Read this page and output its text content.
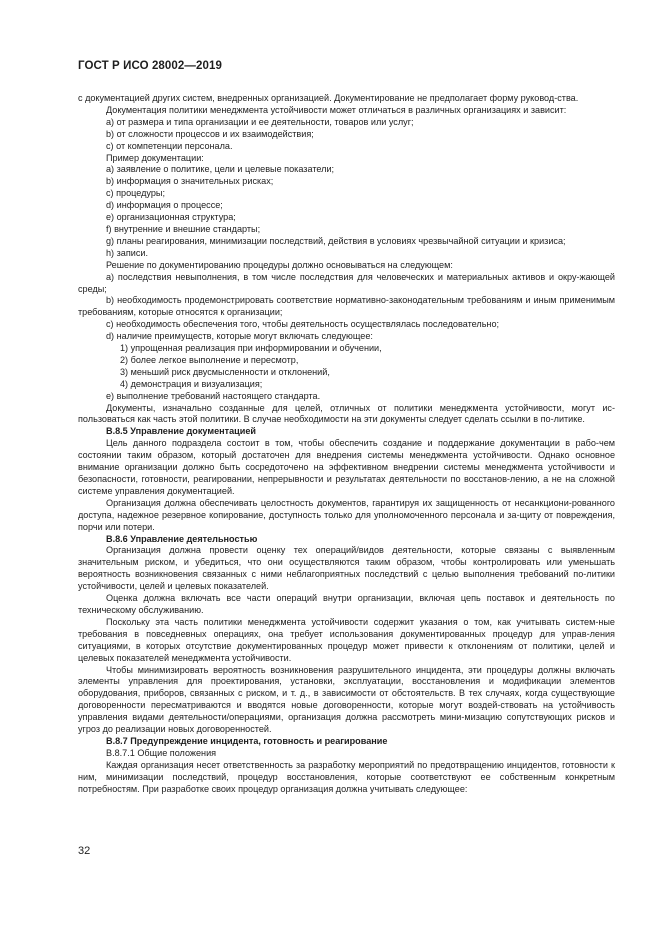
ГОСТ Р ИСО 28002—2019

с документацией других систем, внедренных организацией. Документирование не предполагает форму руковод-ства.

Документация политики менеджмента устойчивости может отличаться в различных организациях и зависит:

a) от размера и типа организации и ее деятельности, товаров или услуг;

b) от сложности процессов и их взаимодействия;

c) от компетенции персонала.

Пример документации:

a) заявление о политике, цели и целевые показатели;

b) информация о значительных рисках;

c) процедуры;

d) информация о процессе;

e) организационная структура;

f) внутренние и внешние стандарты;

g) планы реагирования, минимизации последствий, действия в условиях чрезвычайной ситуации и кризиса;

h) записи.

Решение по документированию процедуры должно основываться на следующем:

a) последствия невыполнения, в том числе последствия для человеческих и материальных активов и окру-жающей среды;

b) необходимость продемонстрировать соответствие нормативно-законодательным требованиям и иным применимым требованиям, которые относятся к организации;

c) необходимость обеспечения того, чтобы деятельность осуществлялась последовательно;

d) наличие преимуществ, которые могут включать следующее:

1) упрощенная реализация при информировании и обучении,

2) более легкое выполнение и пересмотр,

3) меньший риск двусмысленности и отклонений,

4) демонстрация и визуализация;

e) выполнение требований настоящего стандарта.

Документы, изначально созданные для целей, отличных от политики менеджмента устойчивости, могут ис-пользоваться как часть этой политики. В случае необходимости на эти документы следует сделать ссылки в по-литике.

B.8.5 Управление документацией

Цель данного подраздела состоит в том, чтобы обеспечить создание и поддержание документации в рабо-чем состоянии таким образом, который достаточен для внедрения системы менеджмента устойчивости. Однако основное внимание организации должно быть сосредоточено на эффективном внедрении системы менеджмента устойчивости и безопасности, готовности, реагировании, непрерывности и результатах деятельности по восстанов-лению, а не на сложной системе управления документацией.

Организация должна обеспечивать целостность документов, гарантируя их защищенность от несанкциони-рованного доступа, надежное резервное копирование, доступность только для уполномоченного персонала и за-щиту от повреждения, порчи или потери.

B.8.6 Управление деятельностью

Организация должна провести оценку тех операций/видов деятельности, которые связаны с выявленным значительным риском, и убедиться, что они осуществляются таким образом, чтобы контролировать или уменьшать вероятность возникновения связанных с ними неблагоприятных последствий с целью выполнения требований по-литики устойчивости, целей и целевых показателей.

Оценка должна включать все части операций внутри организации, включая цепь поставок и деятельность по техническому обслуживанию.

Поскольку эта часть политики менеджмента устойчивости содержит указания о том, как учитывать систем-ные требования в повседневных операциях, она требует использования документированных процедур для управ-ления ситуациями, в которых отсутствие документированных процедур может привести к отклонениям от политики, целей и целевых показателей менеджмента устойчивости.

Чтобы минимизировать вероятность возникновения разрушительного инцидента, эти процедуры должны включать элементы управления для проектирования, установки, эксплуатации, восстановления и модификации элементов оборудования, приборов, связанных с риском, и т. д., в зависимости от обстоятельств. В тех случаях, когда существующие договоренности пересматриваются и вводятся новые договоренности, которые могут воздей-ствовать на устойчивость управления видами деятельности/операциями, организация должна рассмотреть мини-мизацию сопутствующих рисков и угроз до реализации новых договоренностей.

B.8.7 Предупреждение инцидента, готовность и реагирование

B.8.7.1 Общие положения

Каждая организация несет ответственность за разработку мероприятий по предотвращению инцидентов, готовности к ним, минимизации последствий, процедур восстановления, которые соответствуют ее собственным конкретным потребностям. При разработке своих процедур организация должна учитывать следующее:

32
